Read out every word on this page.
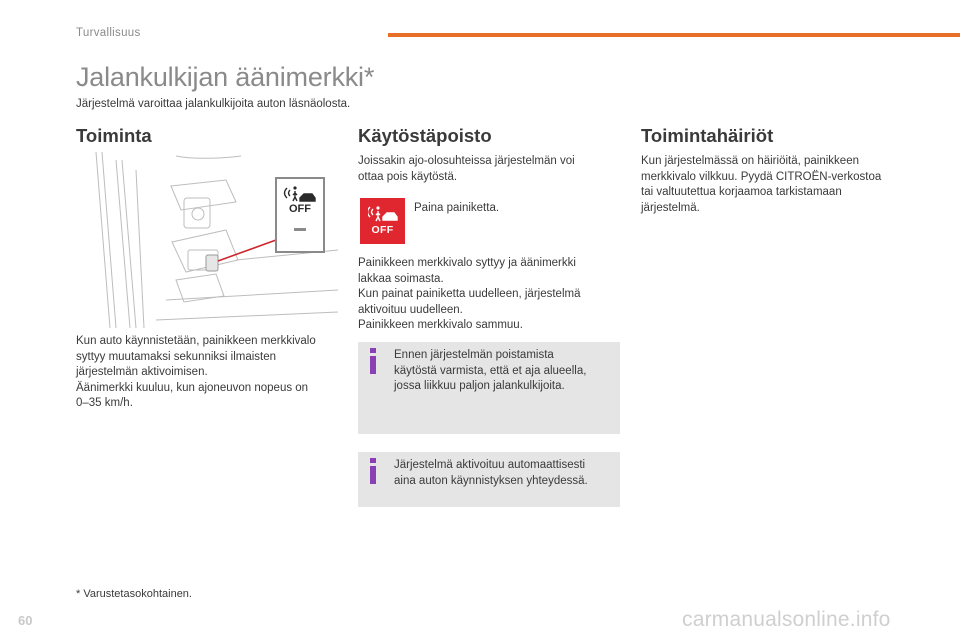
Turvallisuus
Jalankulkijan äänimerkki*
Järjestelmä varoittaa jalankulkijoita auton läsnäolosta.
Toiminta
OFF
Kun auto käynnistetään, painikkeen merkkivalo
syttyy muutamaksi sekunniksi ilmaisten
järjestelmän aktivoimisen.
Äänimerkki kuuluu, kun ajoneuvon nopeus on
0–35 km/h.
Käytöstäpoisto
Joissakin ajo-olosuhteissa järjestelmän voi
ottaa pois käytöstä.
OFF
Paina painiketta.
Painikkeen merkkivalo syttyy ja äänimerkki
lakkaa soimasta.
Kun painat painiketta uudelleen, järjestelmä
aktivoituu uudelleen.
Painikkeen merkkivalo sammuu.
Ennen järjestelmän poistamista
käytöstä varmista, että et aja alueella,
jossa liikkuu paljon jalankulkijoita.
Järjestelmä aktivoituu automaattisesti
aina auton käynnistyksen yhteydessä.
Toimintahäiriöt
Kun järjestelmässä on häiriöitä, painikkeen
merkkivalo vilkkuu. Pyydä CITROËN-verkostoa
tai valtuutettua korjaamoa tarkistamaan
järjestelmä.
* Varustetasokohtainen.
60	carmanualsonline.info
